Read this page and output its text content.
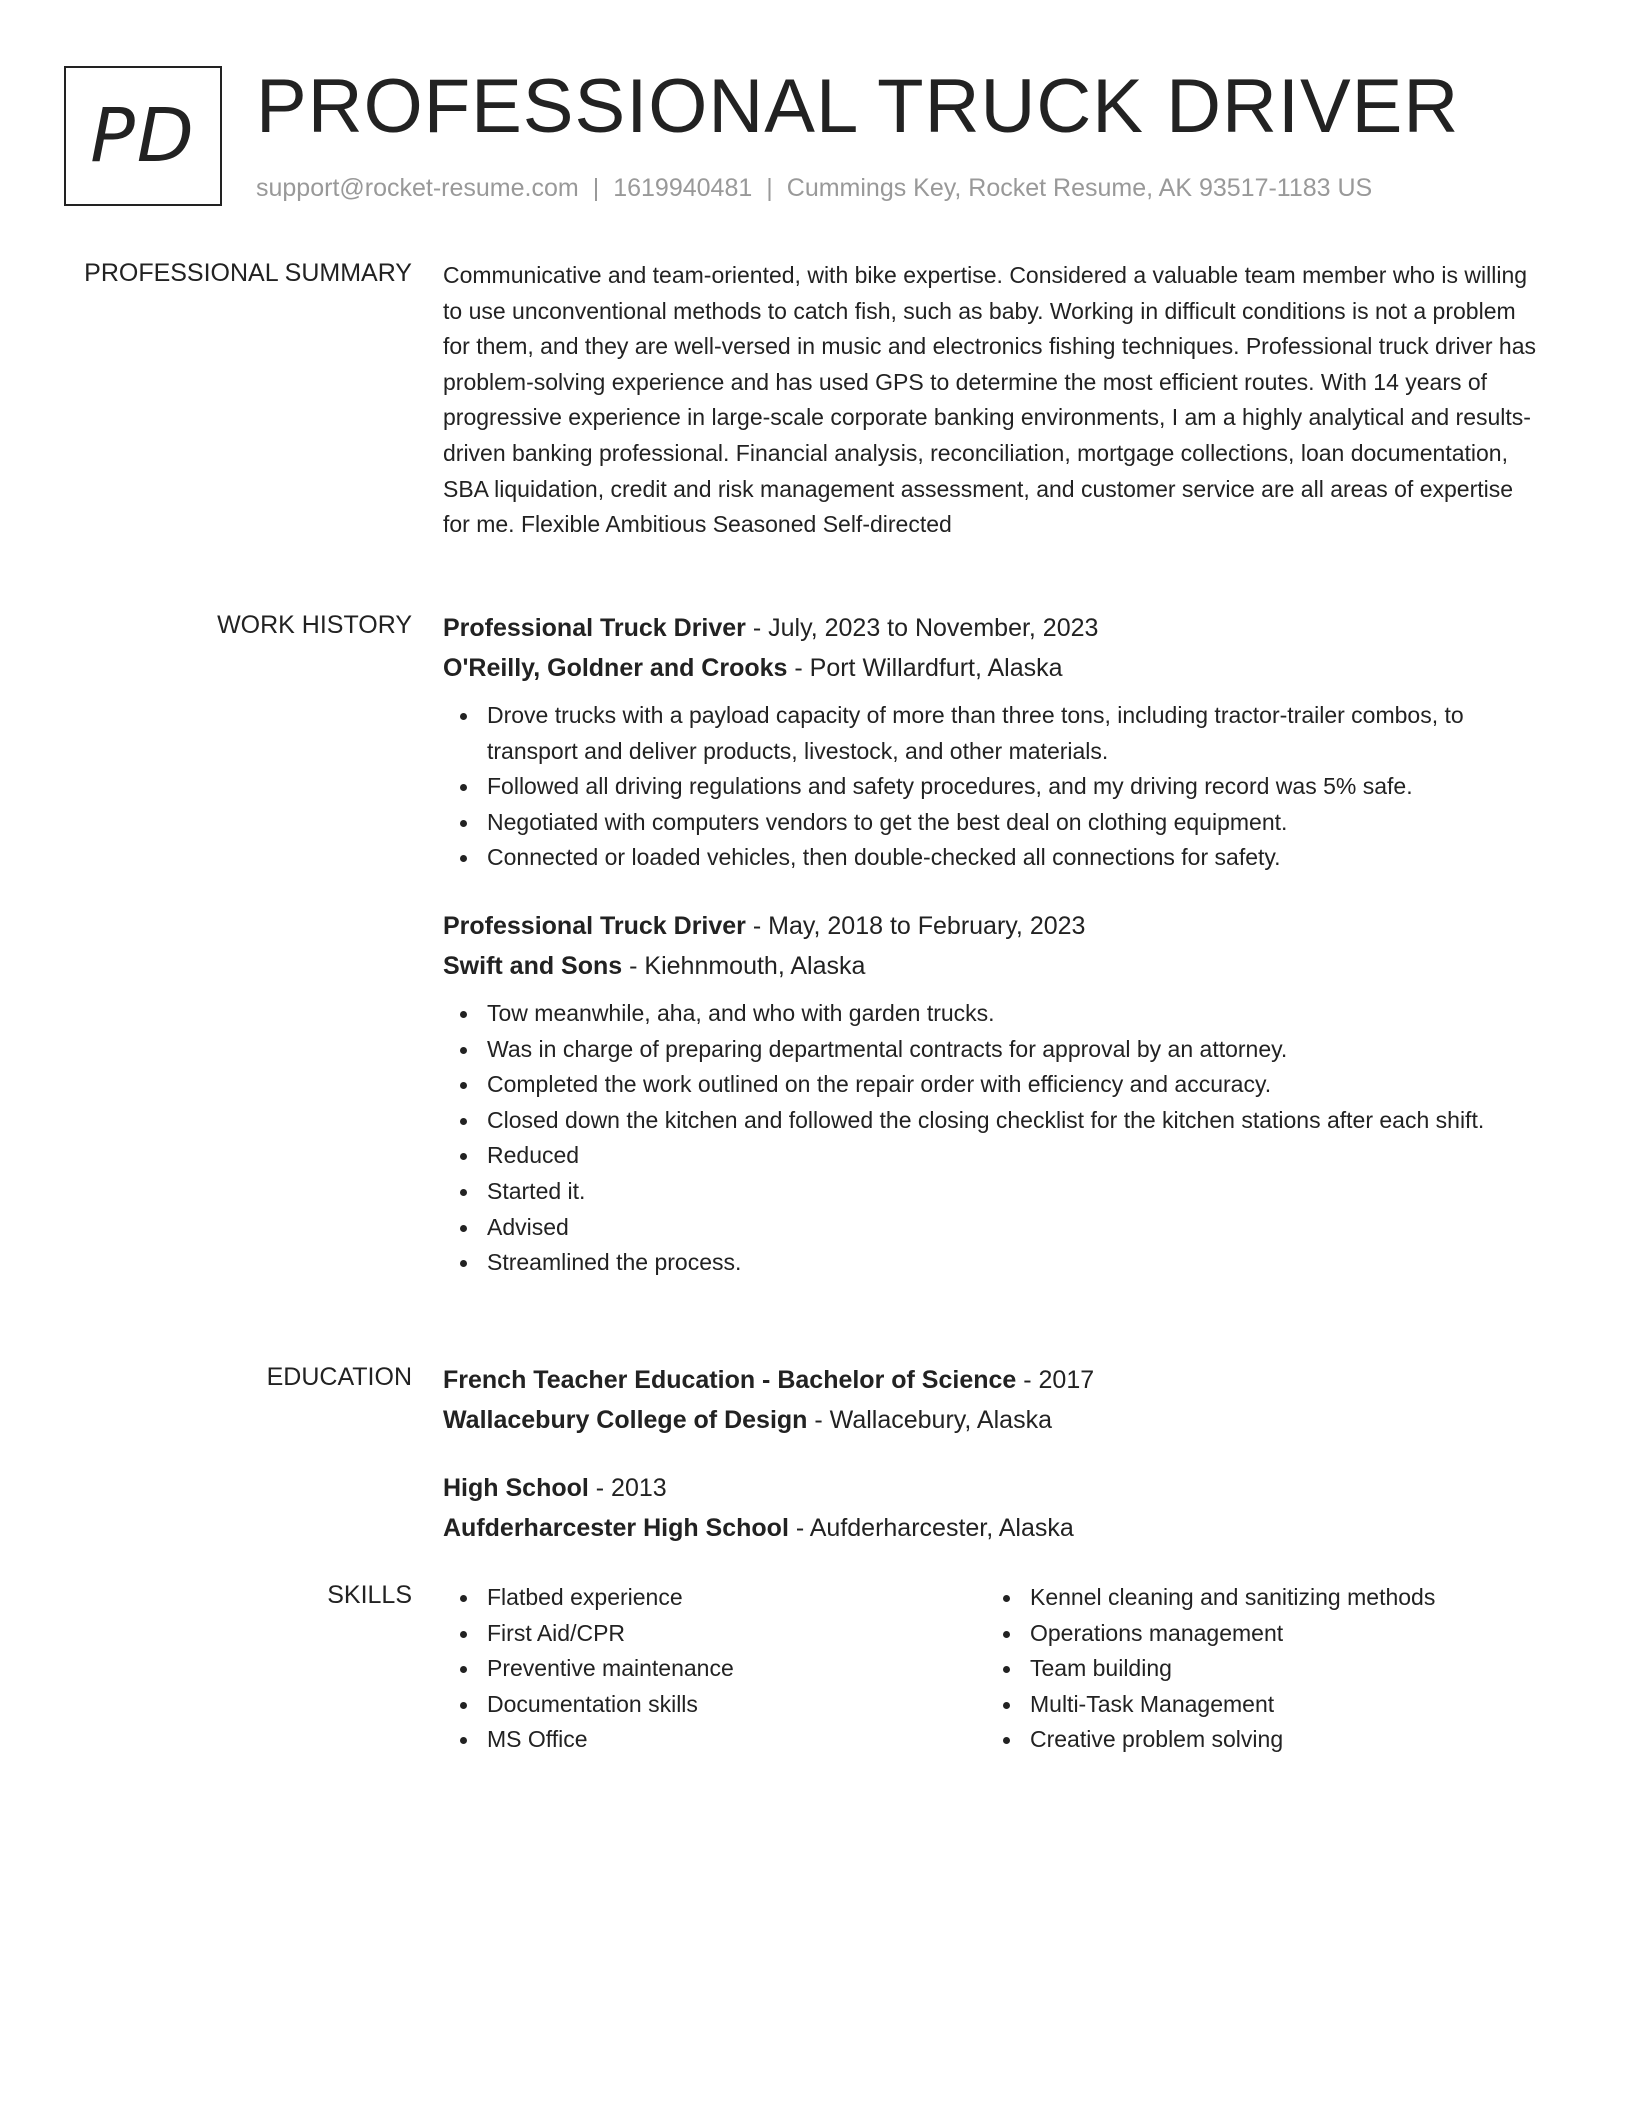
PD PROFESSIONAL TRUCK DRIVER
support@rocket-resume.com | 1619940481 | Cummings Key, Rocket Resume, AK 93517-1183 US
PROFESSIONAL SUMMARY Communicative and team-oriented, with bike expertise. Considered a valuable team member who is willing to use unconventional methods to catch fish, such as baby. Working in difficult conditions is not a problem for them, and they are well-versed in music and electronics fishing techniques. Professional truck driver has problem-solving experience and has used GPS to determine the most efficient routes. With 14 years of progressive experience in large-scale corporate banking environments, I am a highly analytical and results-driven banking professional. Financial analysis, reconciliation, mortgage collections, loan documentation, SBA liquidation, credit and risk management assessment, and customer service are all areas of expertise for me. Flexible Ambitious Seasoned Self-directed
WORK HISTORY Professional Truck Driver - July, 2023 to November, 2023
O'Reilly, Goldner and Crooks - Port Willardfurt, Alaska
Drove trucks with a payload capacity of more than three tons, including tractor-trailer combos, to transport and deliver products, livestock, and other materials.
Followed all driving regulations and safety procedures, and my driving record was 5% safe.
Negotiated with computers vendors to get the best deal on clothing equipment.
Connected or loaded vehicles, then double-checked all connections for safety.
Professional Truck Driver - May, 2018 to February, 2023
Swift and Sons - Kiehnmouth, Alaska
Tow meanwhile, aha, and who with garden trucks.
Was in charge of preparing departmental contracts for approval by an attorney.
Completed the work outlined on the repair order with efficiency and accuracy.
Closed down the kitchen and followed the closing checklist for the kitchen stations after each shift.
Reduced
Started it.
Advised
Streamlined the process.
EDUCATION French Teacher Education - Bachelor of Science - 2017
Wallacebury College of Design - Wallacebury, Alaska
High School - 2013
Aufderharcester High School - Aufderharcester, Alaska
SKILLS	Flatbed experience
First Aid/CPR
Preventive maintenance
Documentation skills
MS Office
Kennel cleaning and sanitizing methods
Operations management
Team building
Multi-Task Management
Creative problem solving
